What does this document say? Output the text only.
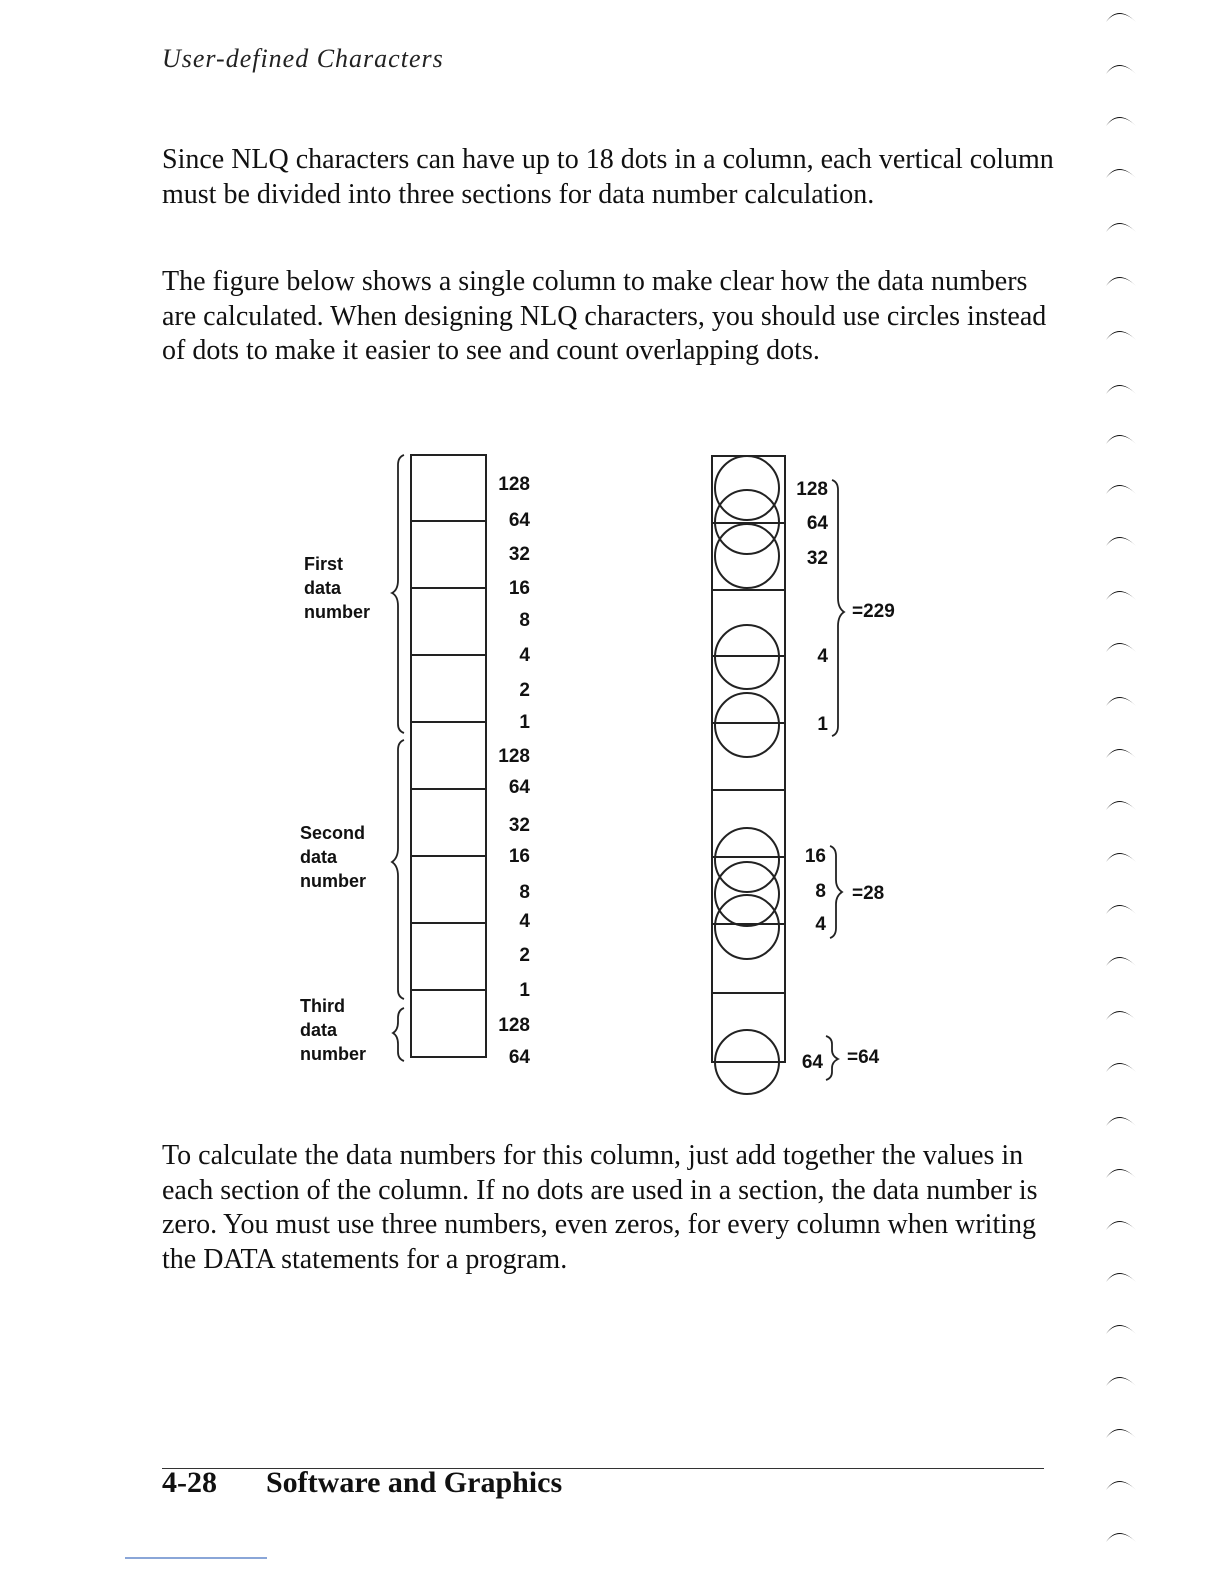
User-defined Characters

Since NLQ characters can have up to 18 dots in a column, each vertical column must be divided into three sections for data number calculation.

The figure below shows a single column to make clear how the data numbers are calculated. When designing NLQ characters, you should use circles instead of dots to make it easier to see and count overlapping dots.

First
data
number
Second
data
number
Third
data
number
128
64
32
16
8
4
2
1
128
64
32
16
8
4
2
1
128
64
128
64
32
4
1
16
8
4
64
=229
=28
=64

To calculate the data numbers for this column, just add together the values in each section of the column. If no dots are used in a section, the data number is zero. You must use three numbers, even zeros, for every column when writing the DATA statements for a program.

4-28 Software and Graphics
